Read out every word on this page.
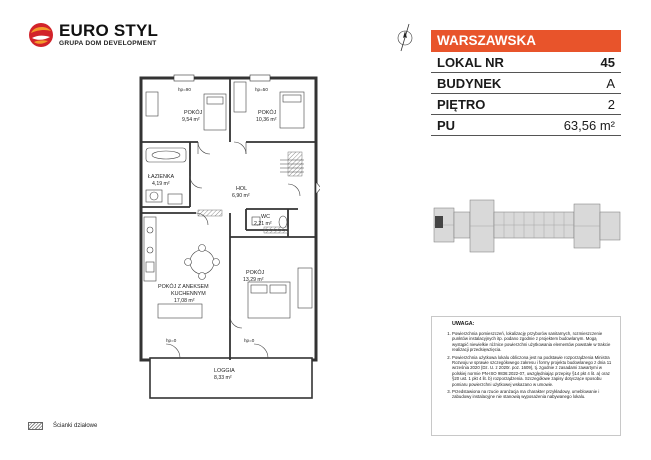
EURO STYL
GRUPA DOM DEVELOPMENT	WARSZAWSKA
LOKAL NR	45
BUDYNEK	A
PIĘTRO	2
PU	63,56 m²
UWAGA:
1. Powierzchnia pomieszczeń, lokalizację przyborów sanitarnych, rozmieszczenie punktów instalacyjnych itp. podano zgodnie z projektem budowlanym. Mogą wystąpić niewielkie różnice powierzchni użytkowania elementów powstałe w trakcie realizacji przedsięwzięcia.
2. Powierzchnia użytkowa lokalu obliczona jest na podstawie rozporządzenia Ministra Rozwoju w sprawie szczegółowego zakresu i formy projektu budowlanego z dnia 11 września 2020 (Dz. U. z 2020r. poz. 1609), tj. zgodnie z zasadami zawartymi w polskiej normie PN-ISO 9836:2022-07, uwzględniając przepisy §14 pkt 4 lit. a) oraz §20 ust. 1 pkt 4 lit. b) rozporządzenia. Szczegółowe zapisy dotyczące sposobu pomiaru powierzchni użytkowej wskazano w umowie.
3. Przedstawiona na rzucie aranżacja ma charakter przykładowy, umeblowanie i zabudowy instalacyjne nie stanowią wyposażenia nabywanego lokalu.
POKÓJ
9,54 m²
POKÓJ
10,36 m²
ŁAZIENKA
4,19 m²
HOL
6,90 m²
WC
2,21 m²
POKÓJ Z ANEKSEM
KUCHENNYM
17,08 m²
POKÓJ
13,29 m²
LOGGIA
8,33 m²
hp=90	hp=50
hp=0	hp=0
Ścianki działowe
